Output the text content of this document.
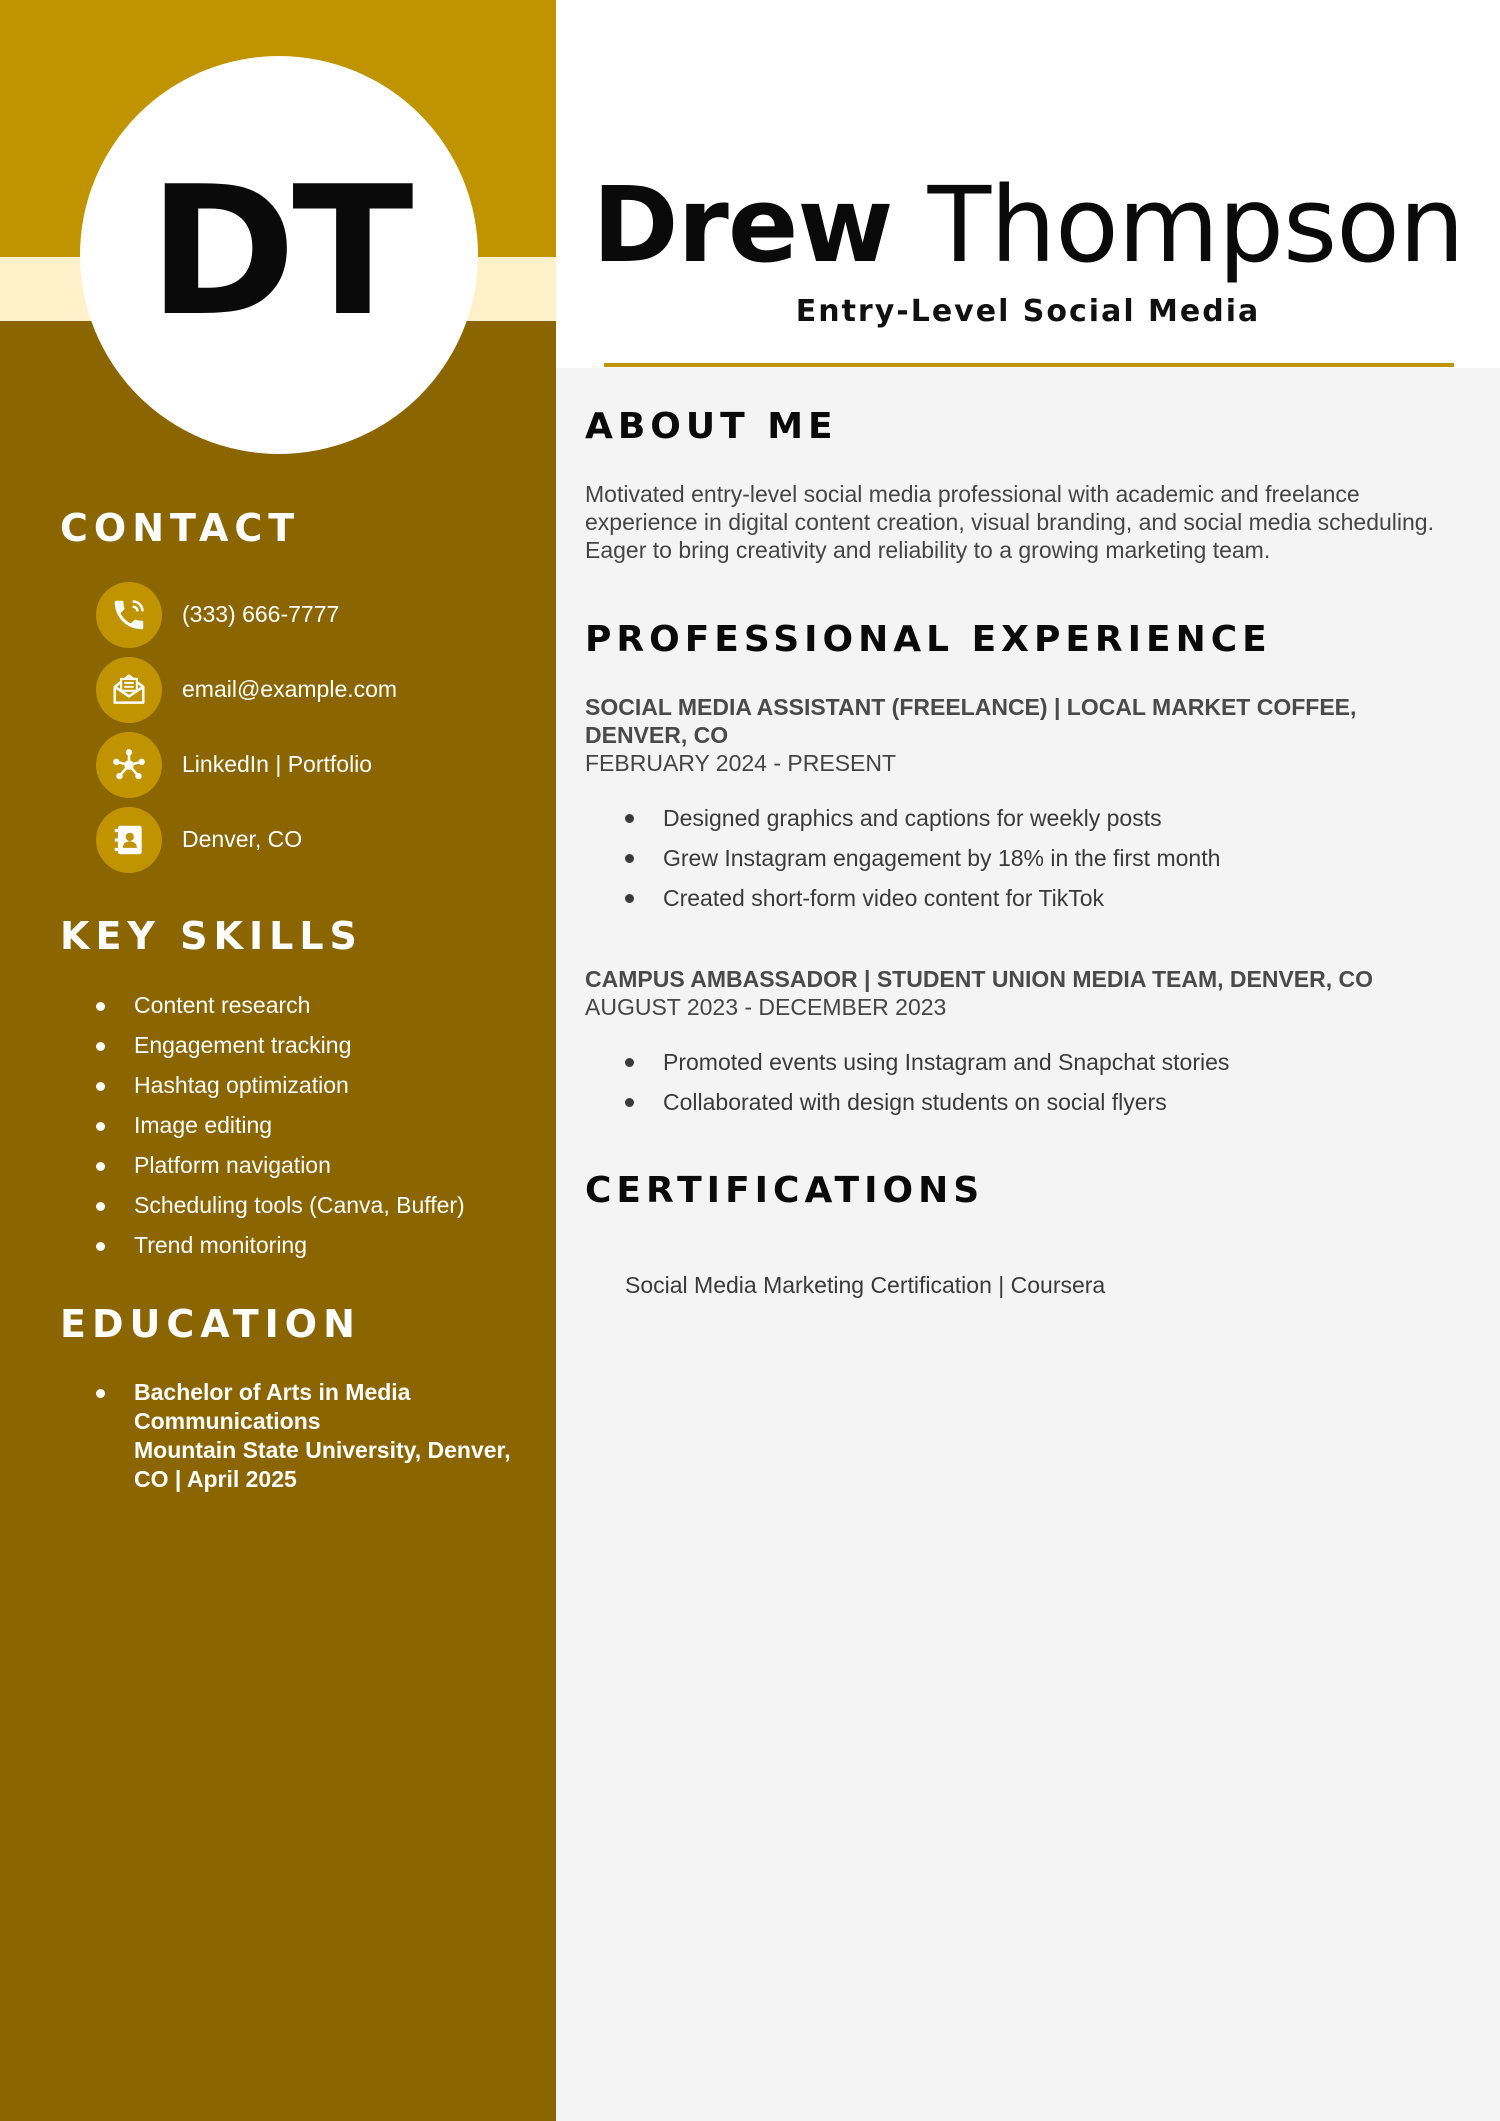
DT
CONTACT
(333) 666-7777
email@example.com
LinkedIn | Portfolio
Denver, CO
KEY SKILLS
Content research
Engagement tracking
Hashtag optimization
Image editing
Platform navigation
Scheduling tools (Canva, Buffer)
Trend monitoring
EDUCATION
Bachelor of Arts in Media Communications
Mountain State University, Denver, CO | April 2025
Drew Thompson

Entry-Level Social Media

ABOUT ME

Motivated entry-level social media professional with academic and freelance experience in digital content creation, visual branding, and social media scheduling. Eager to bring creativity and reliability to a growing marketing team.

PROFESSIONAL EXPERIENCE

SOCIAL MEDIA ASSISTANT (FREELANCE) | LOCAL MARKET COFFEE, DENVER, CO

FEBRUARY 2024 - PRESENT

Designed graphics and captions for weekly posts
Grew Instagram engagement by 18% in the first month
Created short-form video content for TikTok

CAMPUS AMBASSADOR | STUDENT UNION MEDIA TEAM, DENVER, CO

AUGUST 2023 - DECEMBER 2023

Promoted events using Instagram and Snapchat stories
Collaborated with design students on social flyers
CERTIFICATIONS

Social Media Marketing Certification | Coursera
